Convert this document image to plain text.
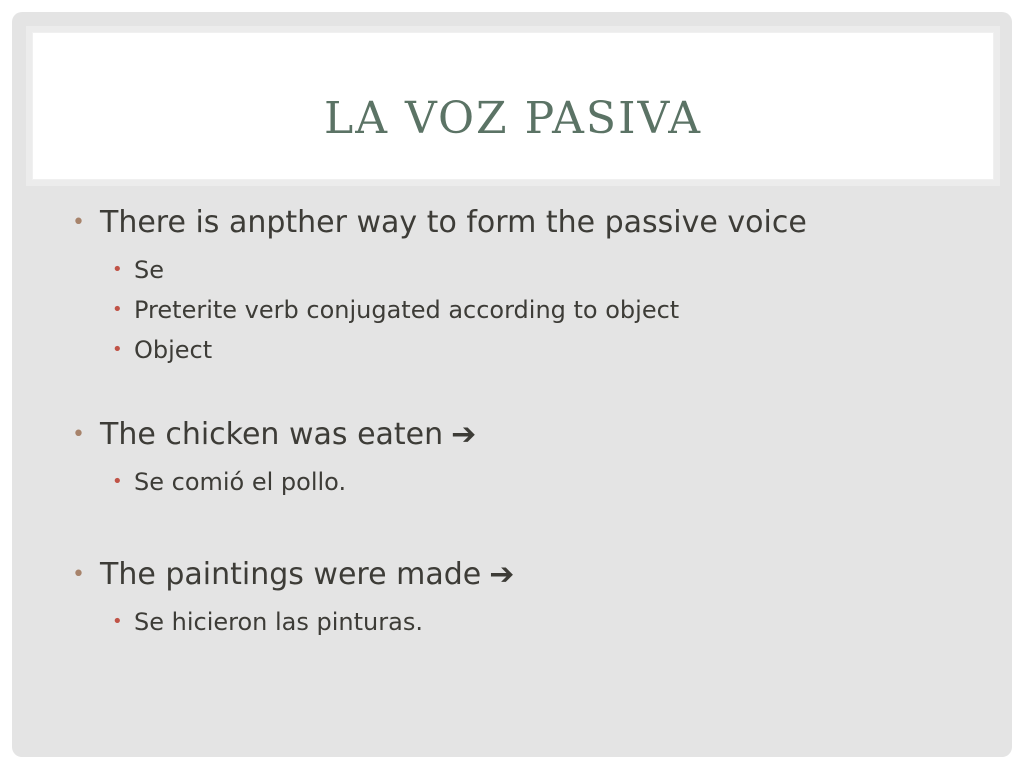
LA VOZ PASIVA
• There is anpther way to form the passive voice
• Se
• Preterite verb conjugated according to object
• Object
• The chicken was eaten ➔
• Se comió el pollo.
• The paintings were made ➔
• Se hicieron las pinturas.
